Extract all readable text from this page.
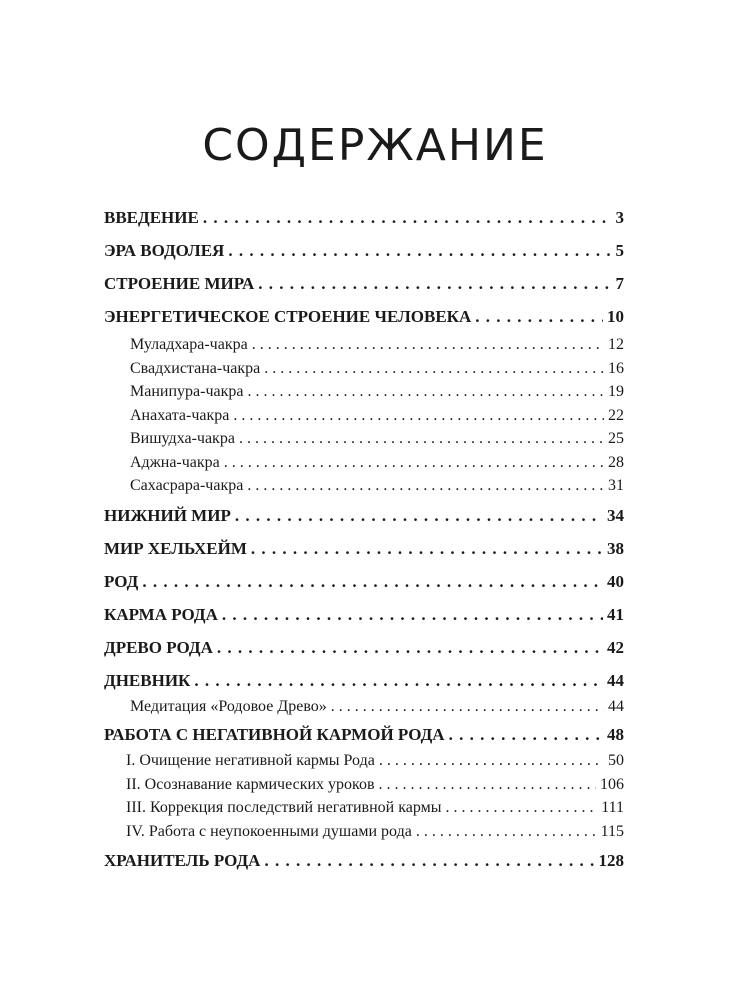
СОДЕРЖАНИЕ
ВВЕДЕНИЕ . . .	3
ЭРА ВОДОЛЕЯ . . .	5
СТРОЕНИЕ МИРА . . .	7
ЭНЕРГЕТИЧЕСКОЕ СТРОЕНИЕ ЧЕЛОВЕКА . . .	10
Муладхара-чакра . . .	12
Свадхистана-чакра . . .	16
Манипура-чакра . . .	19
Анахата-чакра . . .	22
Вишудха-чакра . . .	25
Аджна-чакра . . .	28
Сахасрара-чакра . . .	31
НИЖНИЙ МИР . . .	34
МИР ХЕЛЬХЕЙМ . . .	38
РОД . . .	40
КАРМА РОДА . . .	41
ДРЕВО РОДА . . .	42
ДНЕВНИК . . .	44
Медитация «Родовое Древо» . . .	44
РАБОТА С НЕГАТИВНОЙ КАРМОЙ РОДА . . .	48
I. Очищение негативной кармы Рода . . .	50
II. Осознавание кармических уроков . . .	106
III. Коррекция последствий негативной кармы . . .	111
IV. Работа с неупокоенными душами рода . . .	115
ХРАНИТЕЛЬ РОДА . . .	128
